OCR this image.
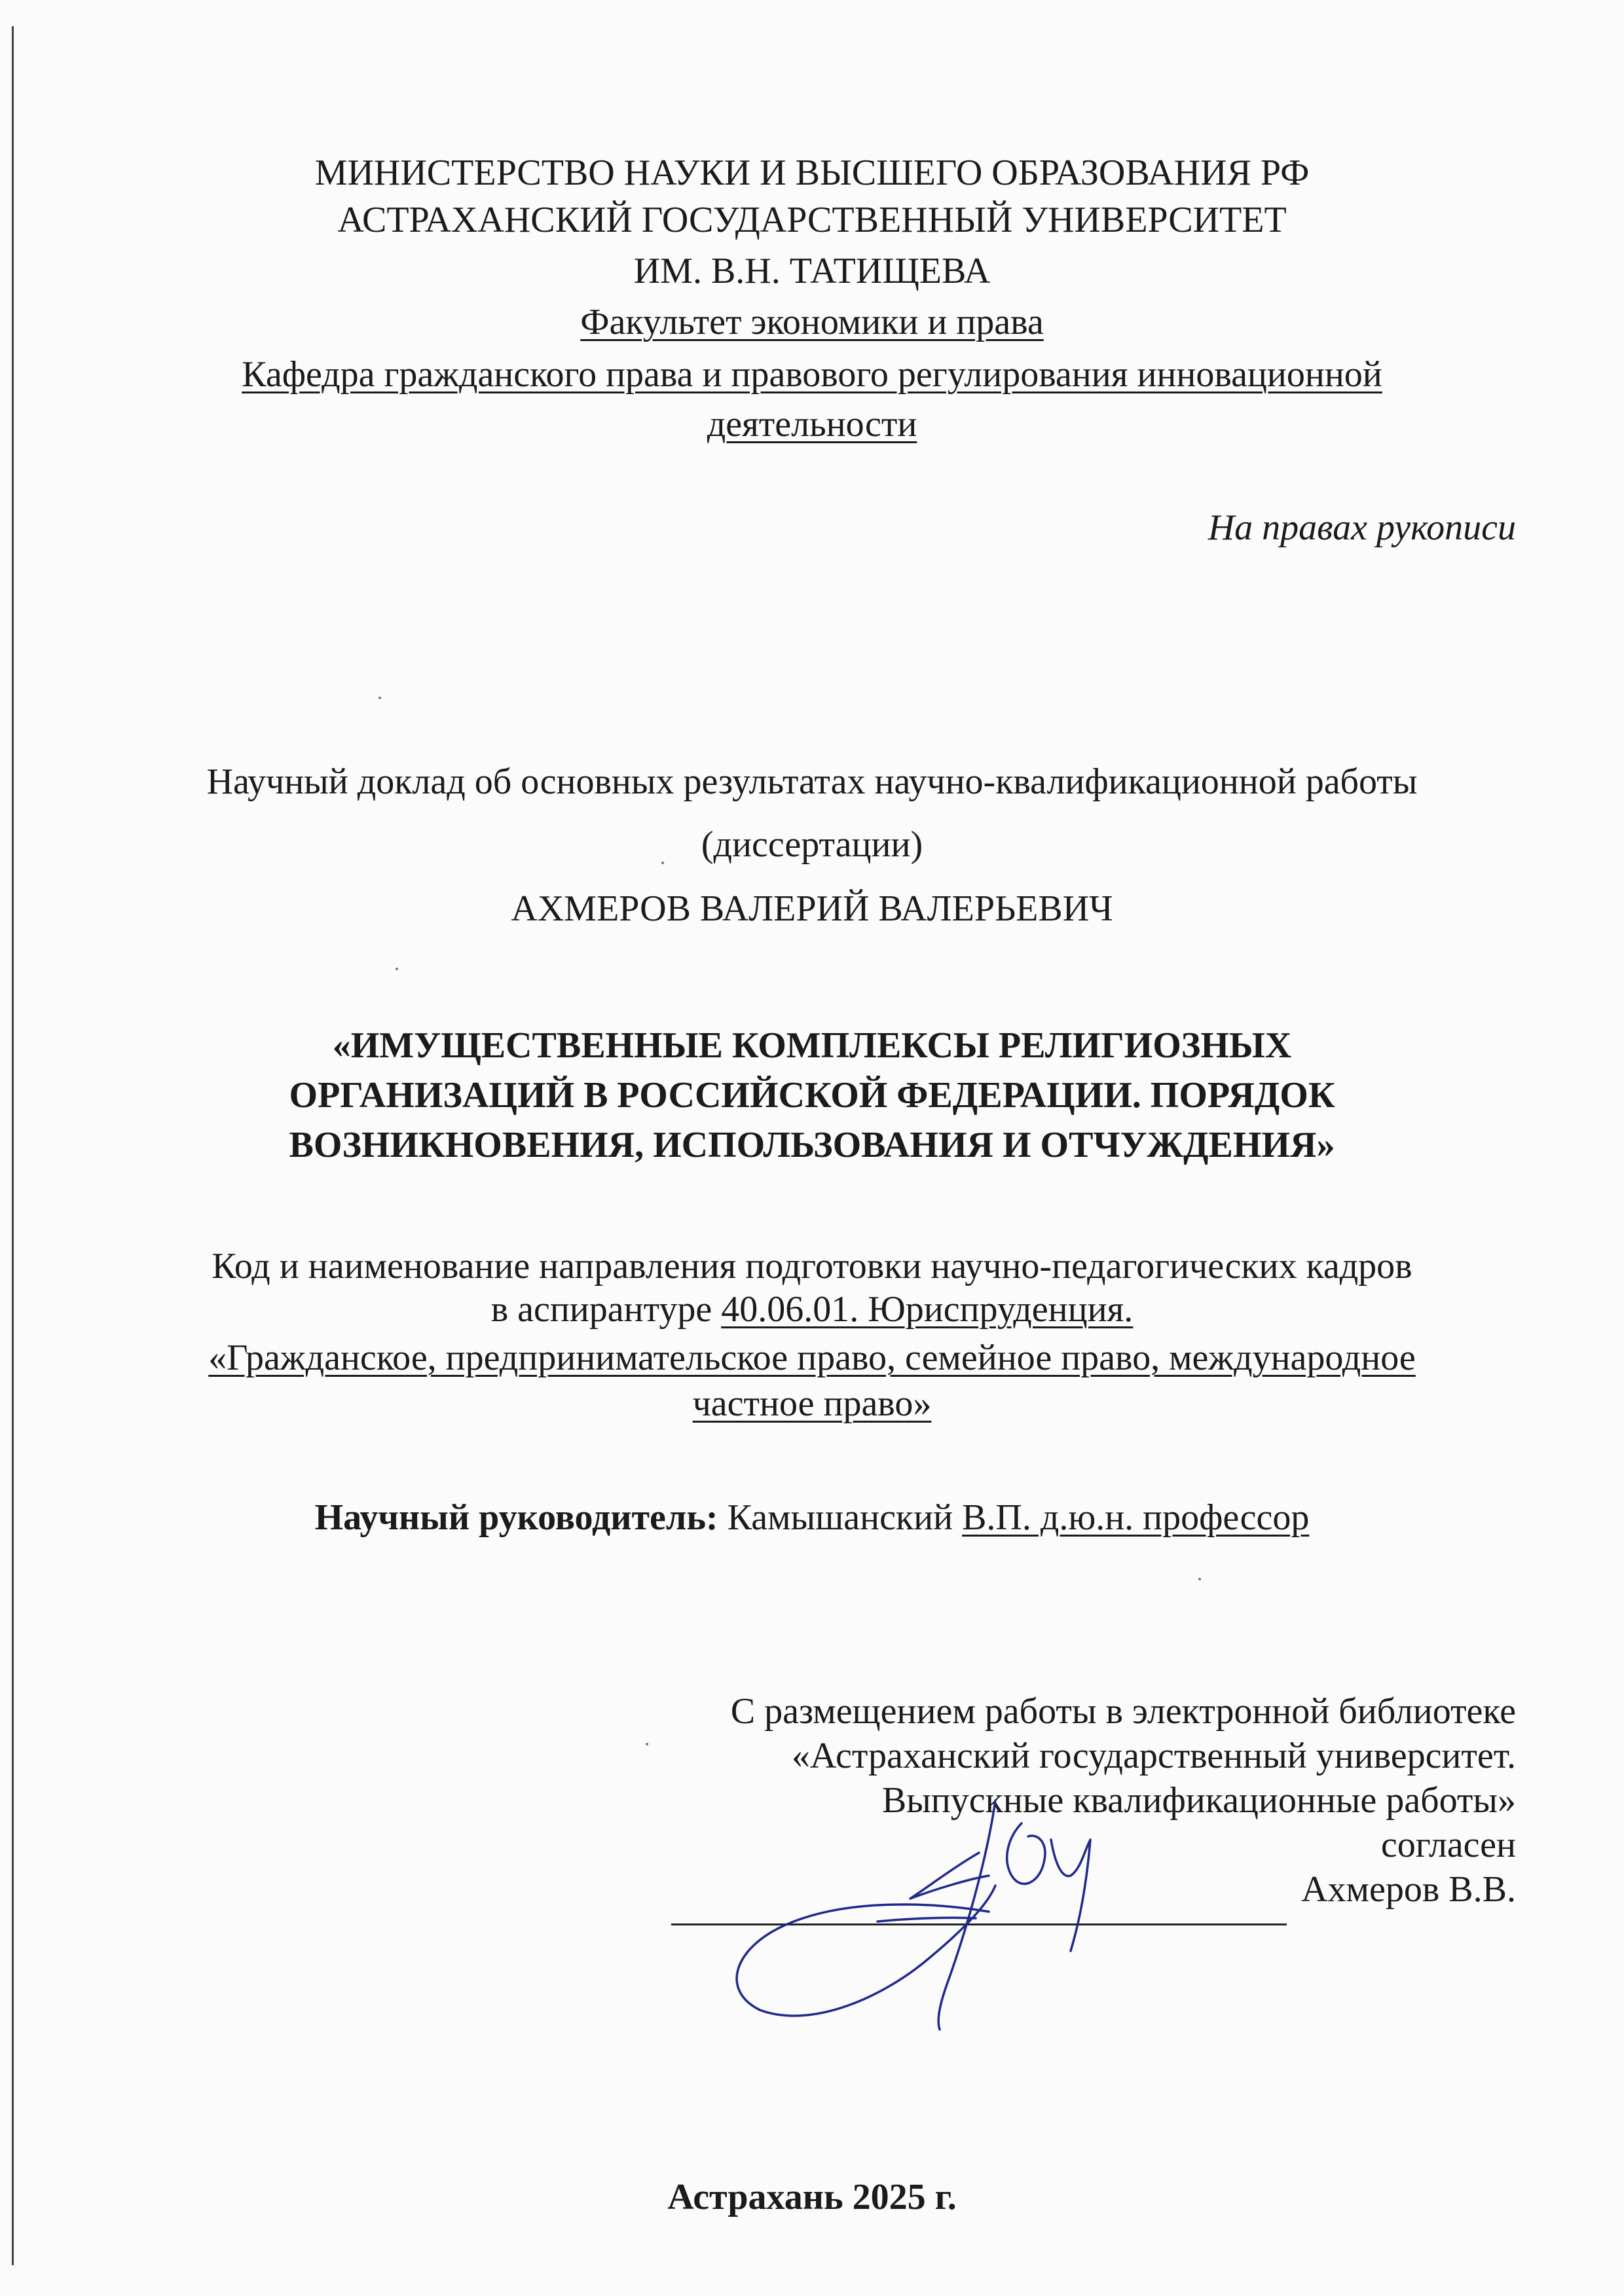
МИНИСТЕРСТВО НАУКИ И ВЫСШЕГО ОБРАЗОВАНИЯ РФ
АСТРАХАНСКИЙ ГОСУДАРСТВЕННЫЙ УНИВЕРСИТЕТ
ИМ. В.Н. ТАТИЩЕВА
Факультет экономики и права
Кафедра гражданского права и правового регулирования инновационной
деятельности
На правах рукописи
Научный доклад об основных результатах научно-квалификационной работы
(диссертации)
АХМЕРОВ ВАЛЕРИЙ ВАЛЕРЬЕВИЧ
«ИМУЩЕСТВЕННЫЕ КОМПЛЕКСЫ РЕЛИГИОЗНЫХ
ОРГАНИЗАЦИЙ В РОССИЙСКОЙ ФЕДЕРАЦИИ. ПОРЯДОК
ВОЗНИКНОВЕНИЯ, ИСПОЛЬЗОВАНИЯ И ОТЧУЖДЕНИЯ»
Код и наименование направления подготовки научно-педагогических кадров
в аспирантуре 40.06.01. Юриспруденция.
«Гражданское, предпринимательское право, семейное право, международное
частное право»
Научный руководитель: Камышанский В.П. д.ю.н. профессор
С размещением работы в электронной библиотеке
«Астраханский государственный университет.
Выпускные квалификационные работы»
согласен
Ахмеров В.В.
Астрахань 2025 г.
